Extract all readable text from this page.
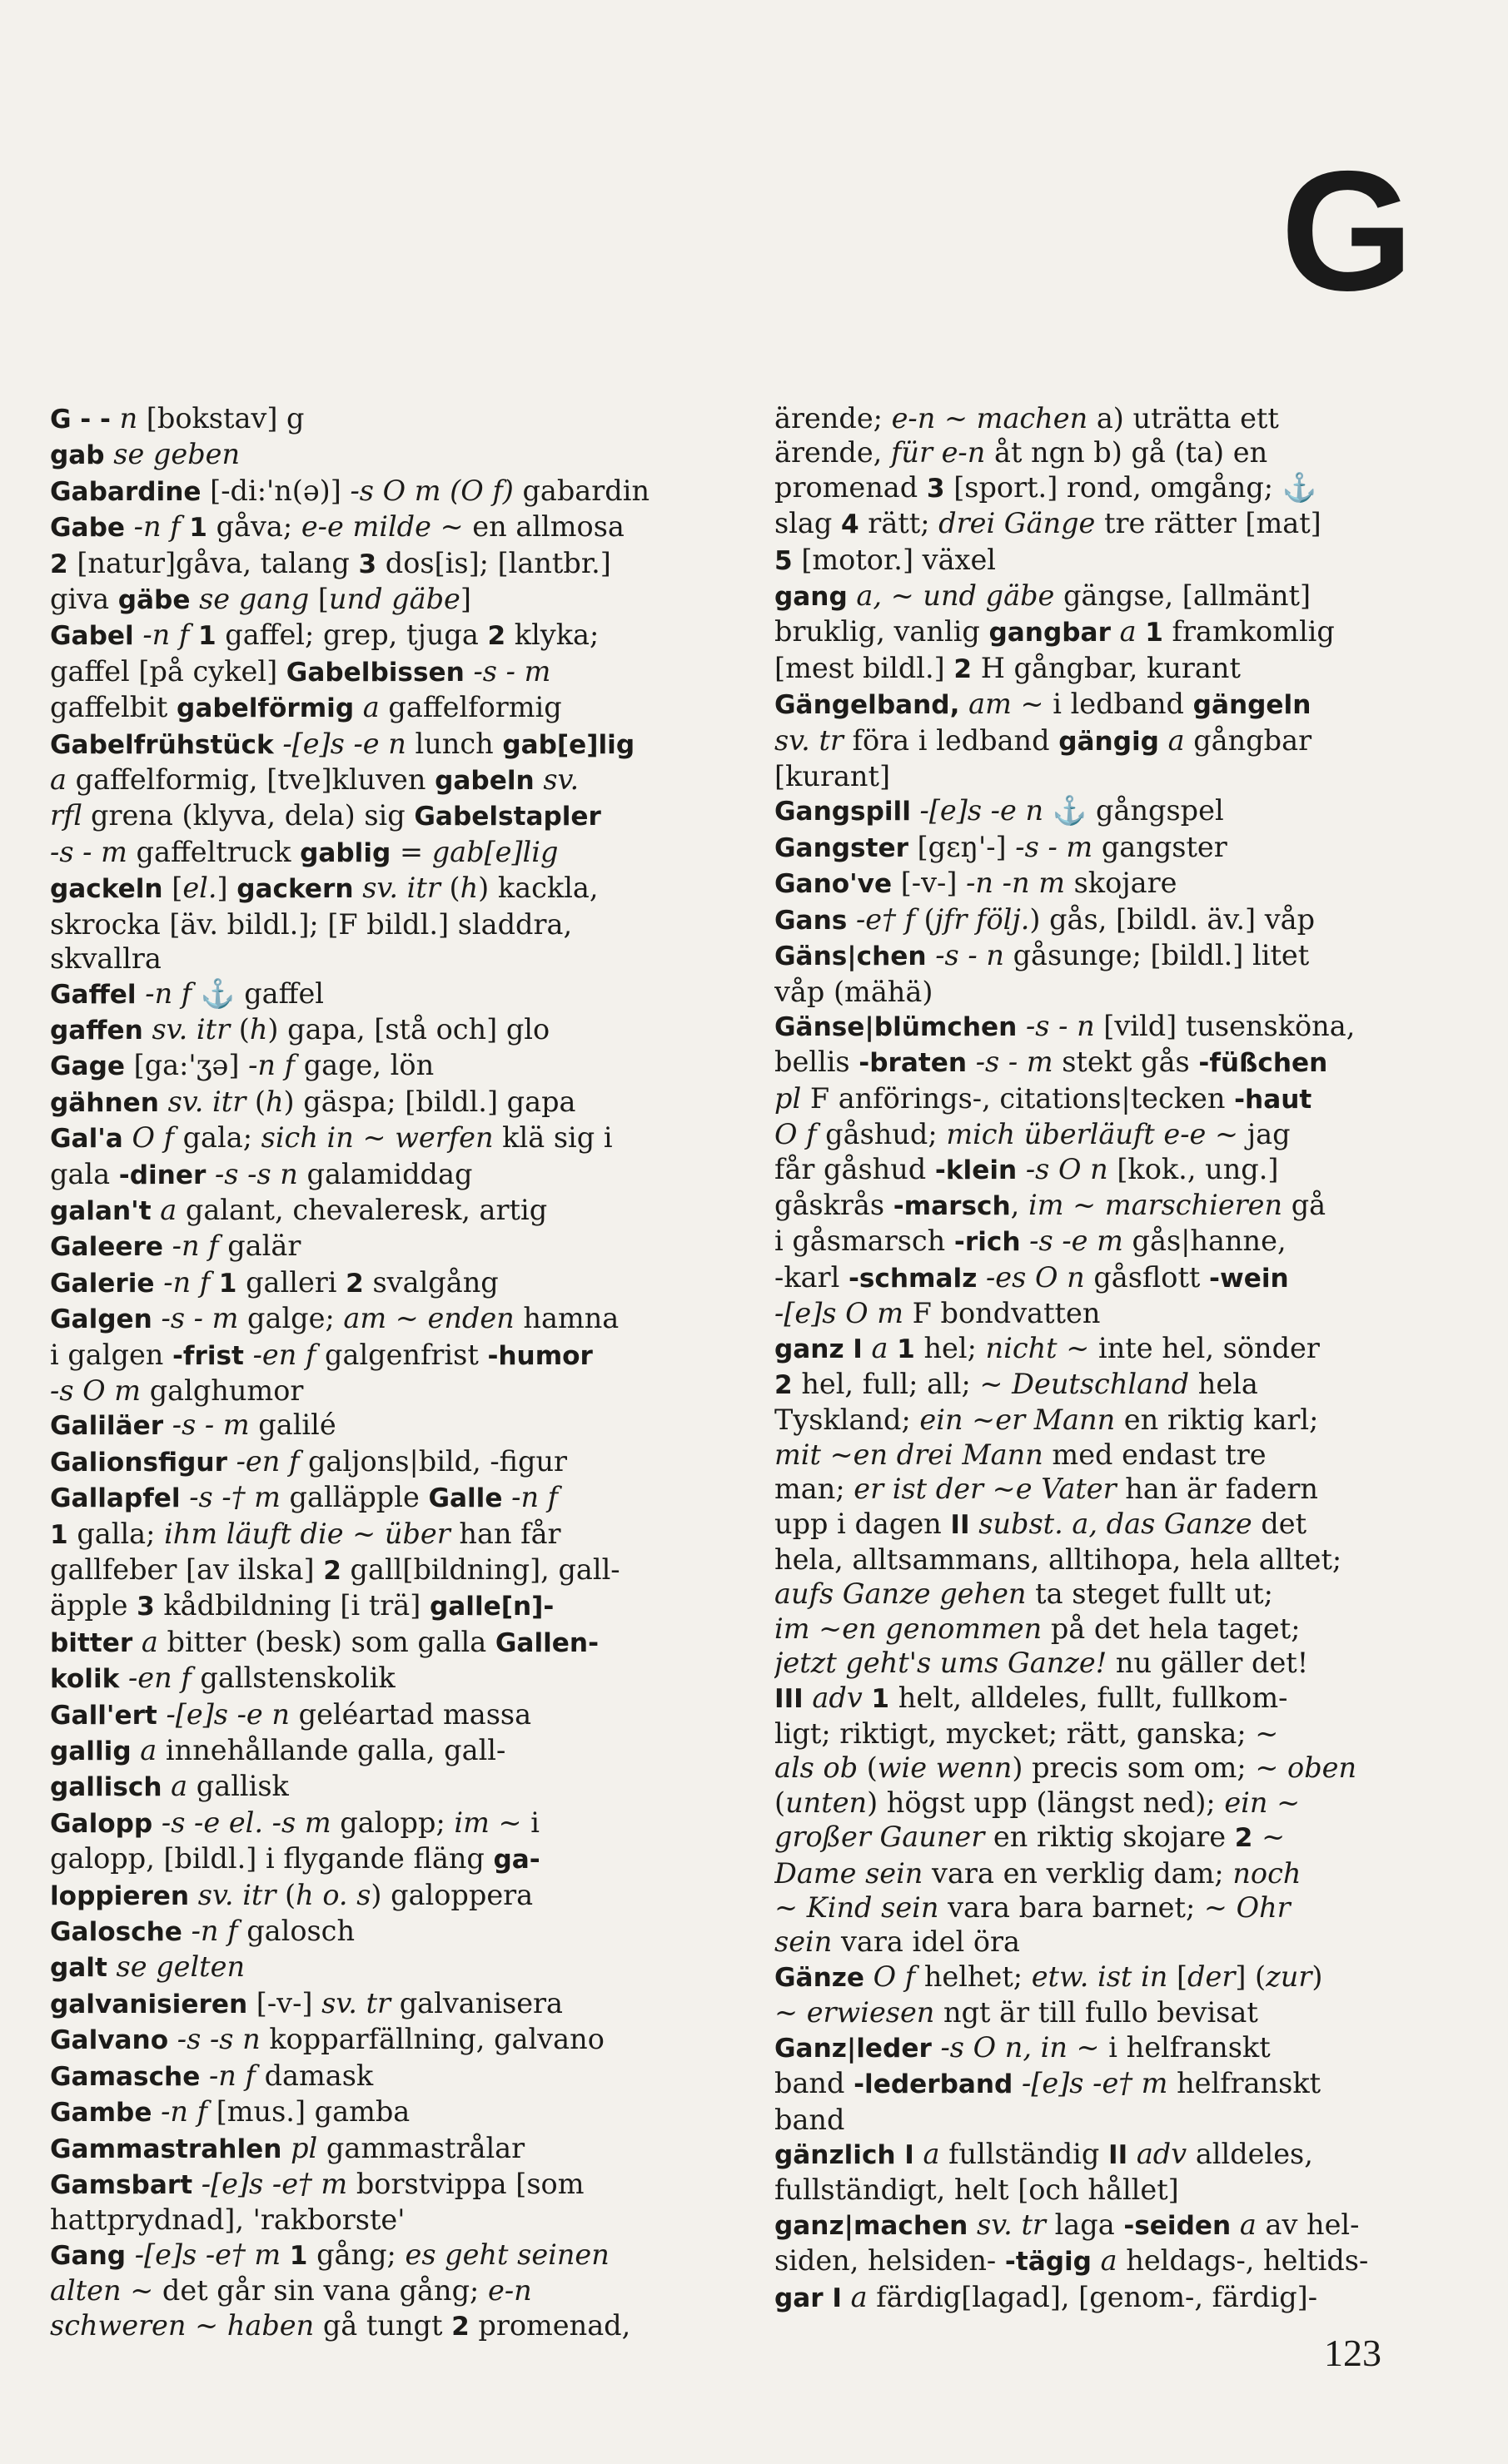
G
G - - n [bokstav] g
gab se geben
Gabardine [-di:'n(ə)] -s O m (O f) gabardin
Gabe -n f 1 gåva; e-e milde ~ en allmosa
2 [natur]gåva, talang 3 dos[is]; [lantbr.]
giva gäbe se gang [und gäbe]
Gabel -n f 1 gaffel; grep, tjuga 2 klyka;
gaffel [på cykel] Gabelbissen -s - m
gaffelbit gabelförmig a gaffelformig
Gabelfrühstück -[e]s -e n lunch gab[e]lig
a gaffelformig, [tve]kluven gabeln sv.
rfl grena (klyva, dela) sig Gabelstapler
-s - m gaffeltruck gablig = gab[e]lig
gackeln [el.] gackern sv. itr (h) kackla,
skrocka [äv. bildl.]; [F bildl.] sladdra,
skvallra
Gaffel -n f ⚓ gaffel
gaffen sv. itr (h) gapa, [stå och] glo
Gage [ga:'ʒə] -n f gage, lön
gähnen sv. itr (h) gäspa; [bildl.] gapa
Gal'a O f gala; sich in ~ werfen klä sig i
gala -diner -s -s n galamiddag
galan't a galant, chevaleresk, artig
Galeere -n f galär
Galerie -n f 1 galleri 2 svalgång
Galgen -s - m galge; am ~ enden hamna
i galgen -frist -en f galgenfrist -humor
-s O m galghumor
Galiläer -s - m galilé
Galionsfigur -en f galjons|bild, -figur
Gallapfel -s -† m galläpple Galle -n f
1 galla; ihm läuft die ~ über han får
gallfeber [av ilska] 2 gall[bildning], gall-
äpple 3 kådbildning [i trä] galle[n]-
bitter a bitter (besk) som galla Gallen-
kolik -en f gallstenskolik
Gall'ert -[e]s -e n geléartad massa
gallig a innehållande galla, gall-
gallisch a gallisk
Galopp -s -e el. -s m galopp; im ~ i
galopp, [bildl.] i flygande fläng ga-
loppieren sv. itr (h o. s) galoppera
Galosche -n f galosch
galt se gelten
galvanisieren [-v-] sv. tr galvanisera
Galvano -s -s n kopparfällning, galvano
Gamasche -n f damask
Gambe -n f [mus.] gamba
Gammastrahlen pl gammastrålar
Gamsbart -[e]s -e† m borstvippa [som
hattprydnad], 'rakborste'
Gang -[e]s -e† m 1 gång; es geht seinen
alten ~ det går sin vana gång; e-n
schweren ~ haben gå tungt 2 promenad,
ärende; e-n ~ machen a) uträtta ett
ärende, für e-n åt ngn b) gå (ta) en
promenad 3 [sport.] rond, omgång; ⚓
slag 4 rätt; drei Gänge tre rätter [mat]
5 [motor.] växel
gang a, ~ und gäbe gängse, [allmänt]
bruklig, vanlig gangbar a 1 framkomlig
[mest bildl.] 2 H gångbar, kurant
Gängelband, am ~ i ledband gängeln
sv. tr föra i ledband gängig a gångbar
[kurant]
Gangspill -[e]s -e n ⚓ gångspel
Gangster [gɛŋ'-] -s - m gangster
Gano've [-v-] -n -n m skojare
Gans -e† f (jfr följ.) gås, [bildl. äv.] våp
Gäns|chen -s - n gåsunge; [bildl.] litet
våp (mähä)
Gänse|blümchen -s - n [vild] tusensköna,
bellis -braten -s - m stekt gås -füßchen
pl F anförings-, citations|tecken -haut
O f gåshud; mich überläuft e-e ~ jag
får gåshud -klein -s O n [kok., ung.]
gåskrås -marsch, im ~ marschieren gå
i gåsmarsch -rich -s -e m gås|hanne,
-karl -schmalz -es O n gåsflott -wein
-[e]s O m F bondvatten
ganz I a 1 hel; nicht ~ inte hel, sönder
2 hel, full; all; ~ Deutschland hela
Tyskland; ein ~er Mann en riktig karl;
mit ~en drei Mann med endast tre
man; er ist der ~e Vater han är fadern
upp i dagen II subst. a, das Ganze det
hela, alltsammans, alltihopa, hela alltet;
aufs Ganze gehen ta steget fullt ut;
im ~en genommen på det hela taget;
jetzt geht's ums Ganze! nu gäller det!
III adv 1 helt, alldeles, fullt, fullkom-
ligt; riktigt, mycket; rätt, ganska; ~
als ob (wie wenn) precis som om; ~ oben
(unten) högst upp (längst ned); ein ~
großer Gauner en riktig skojare 2 ~
Dame sein vara en verklig dam; noch
~ Kind sein vara bara barnet; ~ Ohr
sein vara idel öra
Gänze O f helhet; etw. ist in [der] (zur)
~ erwiesen ngt är till fullo bevisat
Ganz|leder -s O n, in ~ i helfranskt
band -lederband -[e]s -e† m helfranskt
band
gänzlich I a fullständig II adv alldeles,
fullständigt, helt [och hållet]
ganz|machen sv. tr laga -seiden a av hel-
siden, helsiden- -tägig a heldags-, heltids-
gar I a färdig[lagad], [genom-, färdig]-
123
